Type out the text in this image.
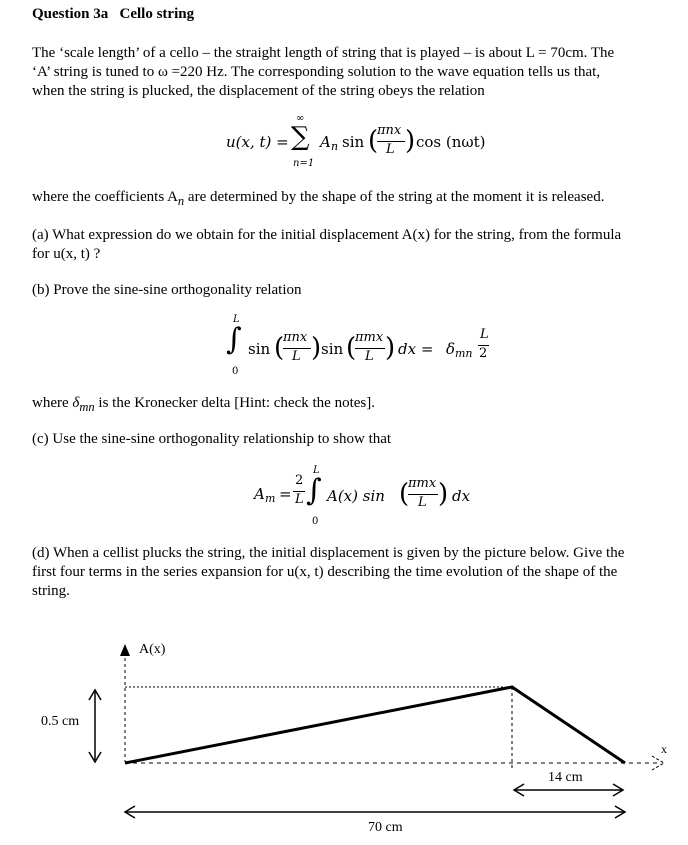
Question 3a Cello string
The ‘scale length’ of a cello – the straight length of string that is played – is about L = 70cm. The
‘A’ string is tuned to ω =220 Hz. The corresponding solution to the wave equation tells us that,
when the string is plucked, the displacement of the string obeys the relation
u(x, t) =
∞
∑
n=1
A n sin (
πnx
L ) cos (nωt)
where the coefficients $A_n$ are determined by the shape of the string at the moment it is released.
(a) What expression do we obtain for the initial displacement A(x) for the string, from the formula
for u(x, t) ?
(b) Prove the sine-sine orthogonality relation
L
∫
0
sin (
πnx
L ) sin (
πmx
L ) dx = δ mn
L
2
where $\delta_{mn}$ is the Kronecker delta [Hint: check the notes].
(c) Use the sine-sine orthogonality relationship to show that
A m =
2
L
L
∫
0
A(x) sin (
πmx
L ) dx
(d) When a cellist plucks the string, the initial displacement is given by the picture below. Give the
first four terms in the series expansion for u(x, t) describing the time evolution of the shape of the
string.
A(x)
0.5 cm
x
14 cm
70 cm
